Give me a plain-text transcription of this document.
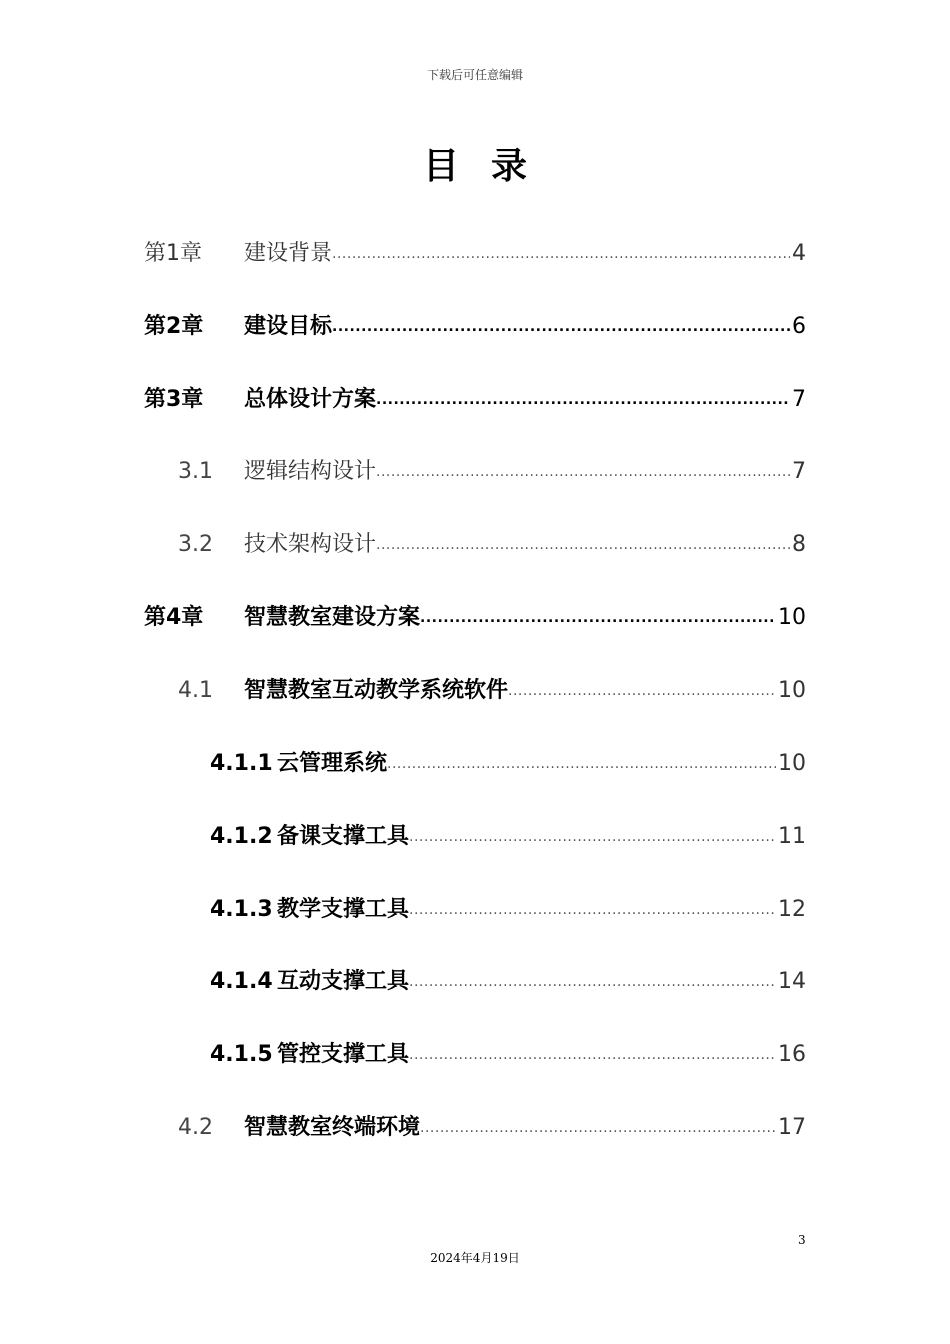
下载后可任意编辑
目录
第1章	建设背景 .....	4
第2章	建设目标 .....	6
第3章	总体设计方案 .....	7
3.1	逻辑结构设计 .....	7
3.2	技术架构设计 .....	8
第4章	智慧教室建设方案 .....	10
4.1	智慧教室互动教学系统软件 .....	10
4.1.1 云管理系统 .....	10
4.1.2 备课支撑工具 .....	11
4.1.3 教学支撑工具 .....	12
4.1.4 互动支撑工具 .....	14
4.1.5 管控支撑工具 .....	16
4.2	智慧教室终端环境 .....	17
3
2024年4月19日
